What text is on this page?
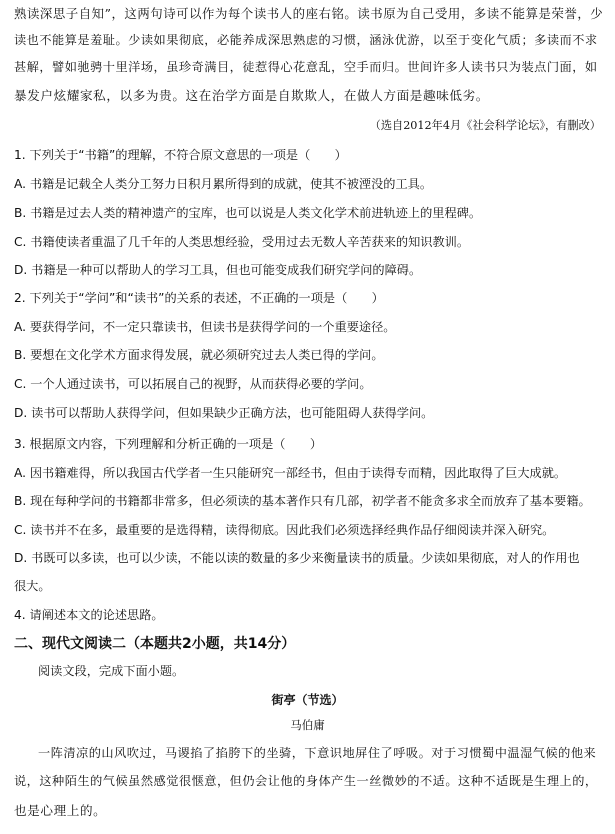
熟读深思子自知”，这两句诗可以作为每个读书人的座右铭。读书原为自己受用，多读不能算是荣誉，少
读也不能算是羞耻。少读如果彻底，必能养成深思熟虑的习惯，涵泳优游，以至于变化气质；多读而不求
甚解，譬如驰骋十里洋场，虽珍奇满目，徒惹得心花意乱，空手而归。世间许多人读书只为装点门面，如
暴发户炫耀家私，以多为贵。这在治学方面是自欺欺人，在做人方面是趣味低劣。
（选自2012年4月《社会科学论坛》，有删改）
1. 下列关于“书籍”的理解，不符合原文意思的一项是（　　）
A. 书籍是记载全人类分工努力日积月累所得到的成就，使其不被湮没的工具。
B. 书籍是过去人类的精神遗产的宝库，也可以说是人类文化学术前进轨迹上的里程碑。
C. 书籍使读者重温了几千年的人类思想经验，受用过去无数人辛苦获来的知识教训。
D. 书籍是一种可以帮助人的学习工具，但也可能变成我们研究学问的障碍。
2. 下列关于“学问”和“读书”的关系的表述，不正确的一项是（　　）
A. 要获得学问，不一定只靠读书，但读书是获得学问的一个重要途径。
B. 要想在文化学术方面求得发展，就必须研究过去人类已得的学问。
C. 一个人通过读书，可以拓展自己的视野，从而获得必要的学问。
D. 读书可以帮助人获得学问，但如果缺少正确方法，也可能阻碍人获得学问。
3. 根据原文内容，下列理解和分析正确的一项是（　　）
A. 因书籍难得，所以我国古代学者一生只能研究一部经书，但由于读得专而精，因此取得了巨大成就。
B. 现在每种学问的书籍都非常多，但必须读的基本著作只有几部，初学者不能贪多求全而放弃了基本要籍。
C. 读书并不在多，最重要的是选得精，读得彻底。因此我们必须选择经典作品仔细阅读并深入研究。
D. 书既可以多读，也可以少读，不能以读的数量的多少来衡量读书的质量。少读如果彻底，对人的作用也
很大。
4. 请阐述本文的论述思路。
二、现代文阅读二（本题共2小题，共14分）
阅读文段，完成下面小题。
街亭（节选）
马伯庸
一阵清凉的山风吹过，马谡掐了掐胯下的坐骑，下意识地屏住了呼吸。对于习惯蜀中温湿气候的他来
说，这种陌生的气候虽然感觉很惬意，但仍会让他的身体产生一丝微妙的不适。这种不适既是生理上的，
也是心理上的。
